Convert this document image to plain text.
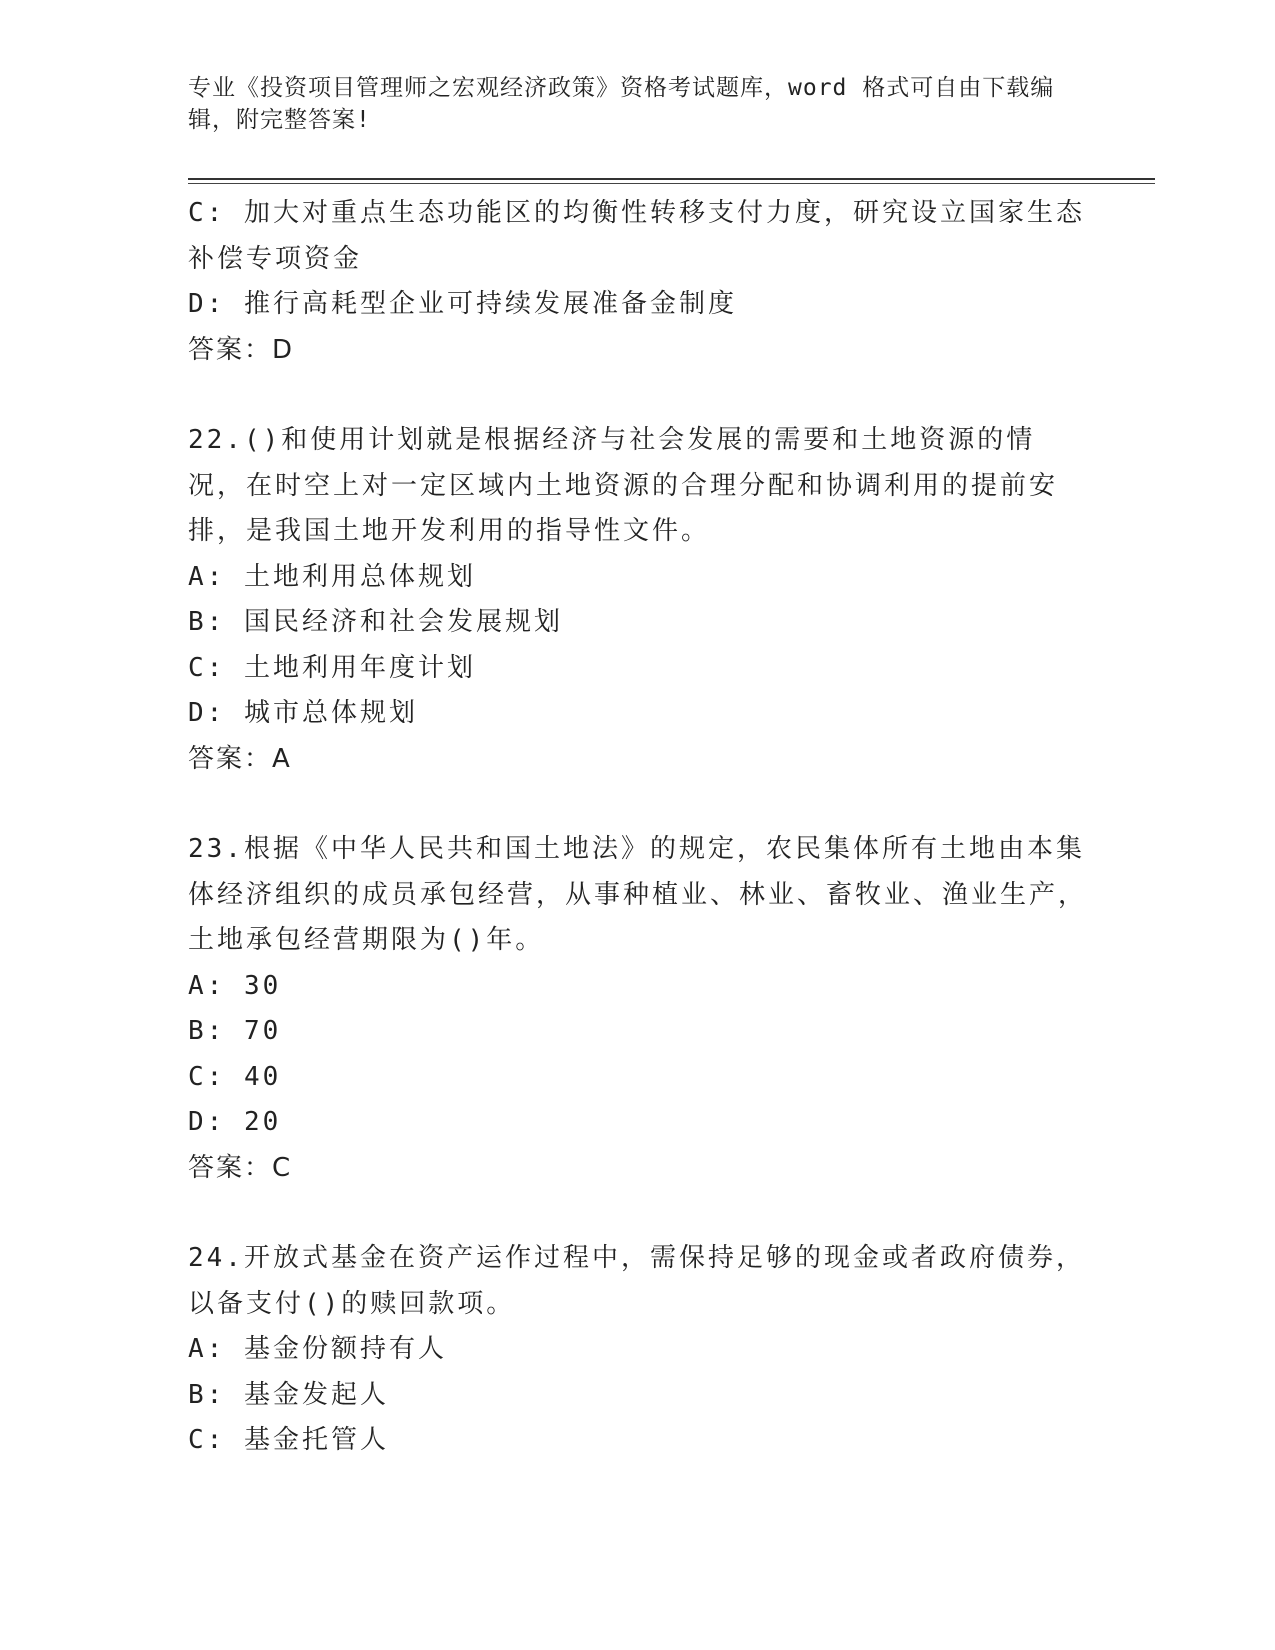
专业《投资项目管理师之宏观经济政策》资格考试题库，word 格式可自由下载编辑，附完整答案!

C: 加大对重点生态功能区的均衡性转移支付力度，研究设立国家生态补偿专项资金

D: 推行高耗型企业可持续发展准备金制度

答案：D

22.()和使用计划就是根据经济与社会发展的需要和土地资源的情况，在时空上对一定区域内土地资源的合理分配和协调利用的提前安排，是我国土地开发利用的指导性文件。

A: 土地利用总体规划

B: 国民经济和社会发展规划

C: 土地利用年度计划

D: 城市总体规划

答案：A

23.根据《中华人民共和国土地法》的规定，农民集体所有土地由本集体经济组织的成员承包经营，从事种植业、林业、畜牧业、渔业生产，土地承包经营期限为()年。

A: 30

B: 70

C: 40

D: 20

答案：C

24.开放式基金在资产运作过程中，需保持足够的现金或者政府债券，以备支付()的赎回款项。

A: 基金份额持有人

B: 基金发起人

C: 基金托管人
